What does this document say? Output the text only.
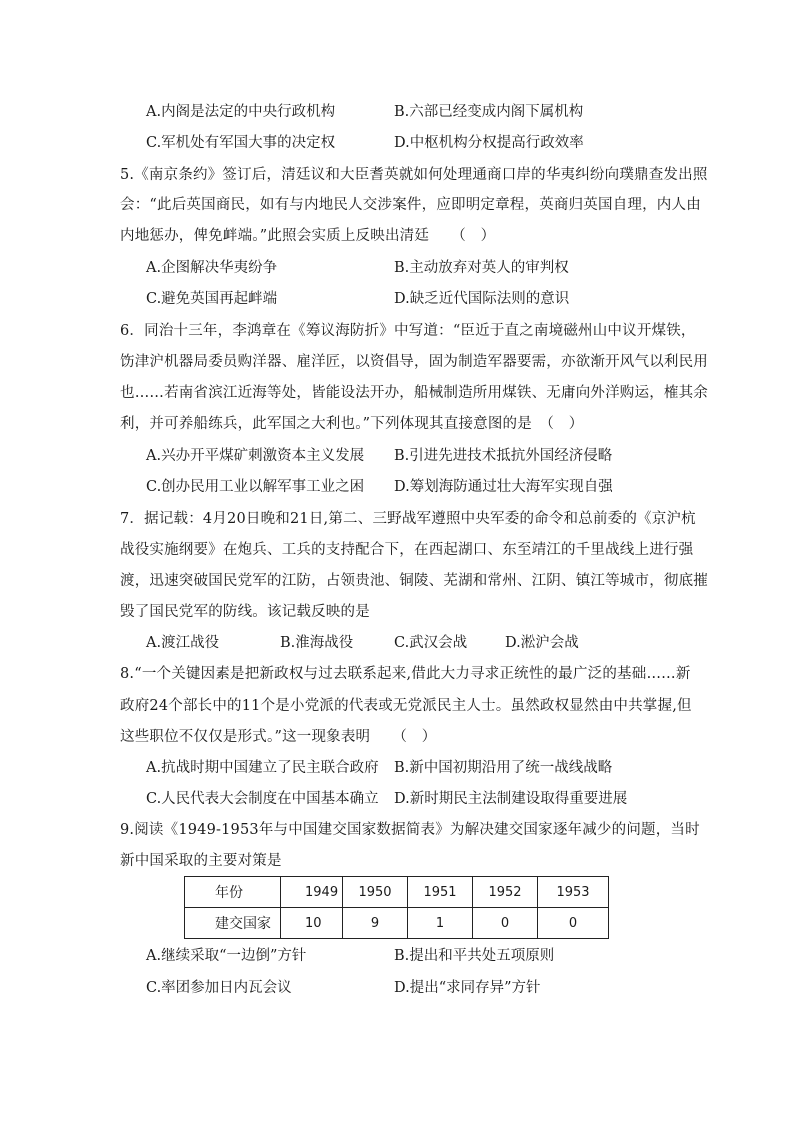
A.内阁是法定的中央行政机构	B.六部已经变成内阁下属机构
C.军机处有军国大事的决定权	D.中枢机构分权提高行政效率
5.《南京条约》签订后，清廷议和大臣耆英就如何处理通商口岸的华夷纠纷向璞鼎查发出照
会：“此后英国商民，如有与内地民人交涉案件，应即明定章程，英商归英国自理，内人由
内地惩办，俾免衅端。”此照会实质上反映出清廷　　（　）
A.企图解决华夷纷争	B.主动放弃对英人的审判权
C.避免英国再起衅端	D.缺乏近代国际法则的意识
6．同治十三年，李鸿章在《筹议海防折》中写道：“臣近于直之南境磁州山中议开煤铁，
饬津沪机器局委员购洋器、雇洋匠，以资倡导，固为制造军器要需，亦欲渐开风气以利民用
也……若南省滨江近海等处，皆能设法开办，船械制造所用煤铁、无庸向外洋购运，榷其余
利，并可养船练兵，此军国之大利也。”下列体现其直接意图的是　（　）
A.兴办开平煤矿刺激资本主义发展 B.引进先进技术抵抗外国经济侵略
C.创办民用工业以解军事工业之困 D.筹划海防通过壮大海军实现自强
7．据记载：4月20日晚和21日,第二、三野战军遵照中央军委的命令和总前委的《京沪杭
战役实施纲要》在炮兵、工兵的支持配合下，在西起湖口、东至靖江的千里战线上进行强
渡，迅速突破国民党军的江防，占领贵池、铜陵、芜湖和常州、江阴、镇江等城市，彻底摧
毁了国民党军的防线。该记载反映的是
A.渡江战役	B.淮海战役	C.武汉会战	D.淞沪会战
8.“一个关键因素是把新政权与过去联系起来,借此大力寻求正统性的最广泛的基础……新
政府24个部长中的11个是小党派的代表或无党派民主人士。虽然政权显然由中共掌握,但
这些职位不仅仅是形式。”这一现象表明　　（　）
A.抗战时期中国建立了民主联合政府 B.新中国初期沿用了统一战线战略
C.人民代表大会制度在中国基本确立 D.新时期民主法制建设取得重要进展
9.阅读《1949-1953年与中国建交国家数据简表》为解决建交国家逐年减少的问题，当时
新中国采取的主要对策是
年份	1949	1950	1951	1952	1953
建交国家	10	9	1	0	0
A.继续采取“一边倒”方针	B.提出和平共处五项原则
C.率团参加日内瓦会议	D.提出“求同存异”方针
